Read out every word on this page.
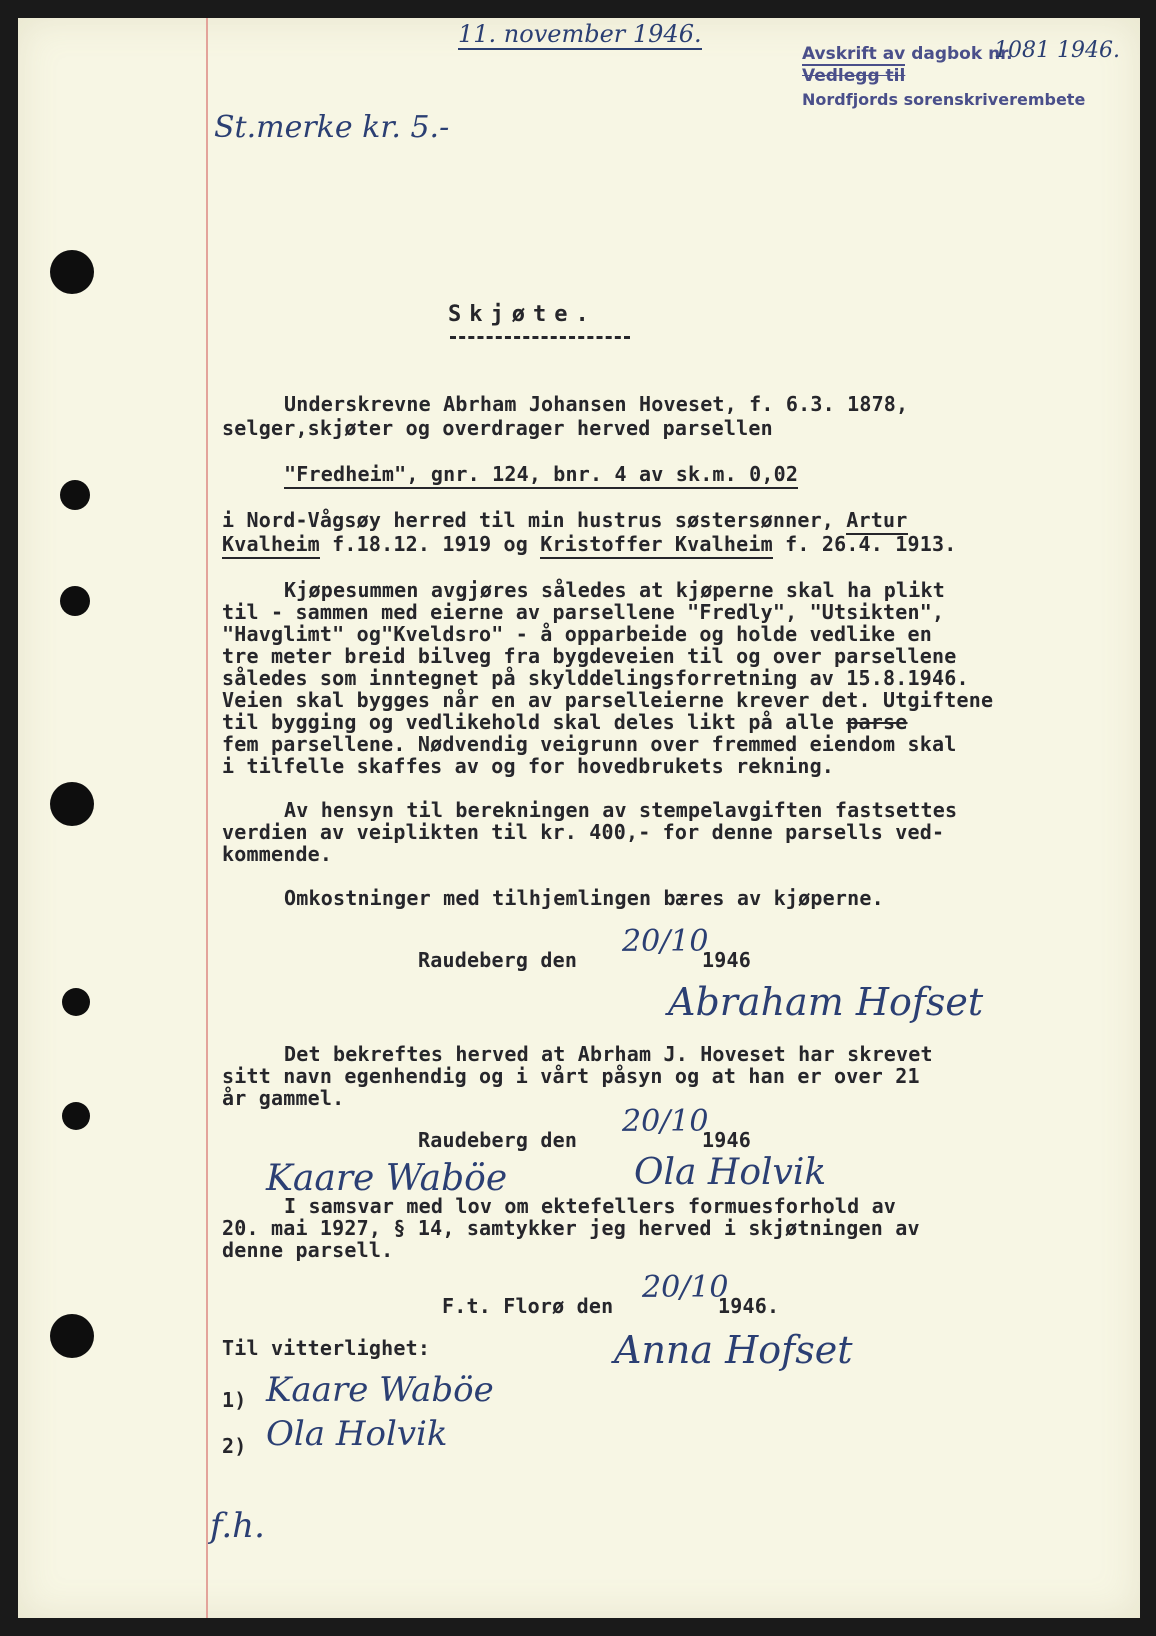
11. november 1946.
Avskrift av dagbok nr.
1081 1946.
Vedlegg til
Nordfjords sorenskriverembete
St.merke kr. 5.-
Skjøte.
Underskrevne Abrham Johansen Hoveset, f. 6.3. 1878,
selger,skjøter og overdrager herved parsellen
"Fredheim", gnr. 124, bnr. 4 av sk.m. 0,02
i Nord-Vågsøy herred til min hustrus søstersønner, Artur
Kvalheim f.18.12. 1919 og Kristoffer Kvalheim f. 26.4. 1913.
Kjøpesummen avgjøres således at kjøperne skal ha plikt
til - sammen med eierne av parsellene "Fredly", "Utsikten",
"Havglimt" og"Kveldsro" - å opparbeide og holde vedlike en
tre meter breid bilveg fra bygdeveien til og over parsellene
således som inntegnet på skylddelingsforretning av 15.8.1946.
Veien skal bygges når en av parselleierne krever det. Utgiftene
til bygging og vedlikehold skal deles likt på alle parse
fem parsellene. Nødvendig veigrunn over fremmed eiendom skal
i tilfelle skaffes av og for hovedbrukets rekning.
Av hensyn til berekningen av stempelavgiften fastsettes
verdien av veiplikten til kr. 400,- for denne parsells ved-
kommende.
Omkostninger med tilhjemlingen bæres av kjøperne.
Raudeberg den
20/10
1946
Abraham Hofset
Det bekreftes herved at Abrham J. Hoveset har skrevet
sitt navn egenhendig og i vårt påsyn og at han er over 21
år gammel.
Raudeberg den
20/10
1946
Kaare Waböe	Ola Holvik
I samsvar med lov om ektefellers formuesforhold av
20. mai 1927, § 14, samtykker jeg herved i skjøtningen av
denne parsell.
F.t. Florø den
20/10
1946.
Til vitterlighet:	Anna Hofset
1) Kaare Waböe
2) Ola Holvik
f.h.
